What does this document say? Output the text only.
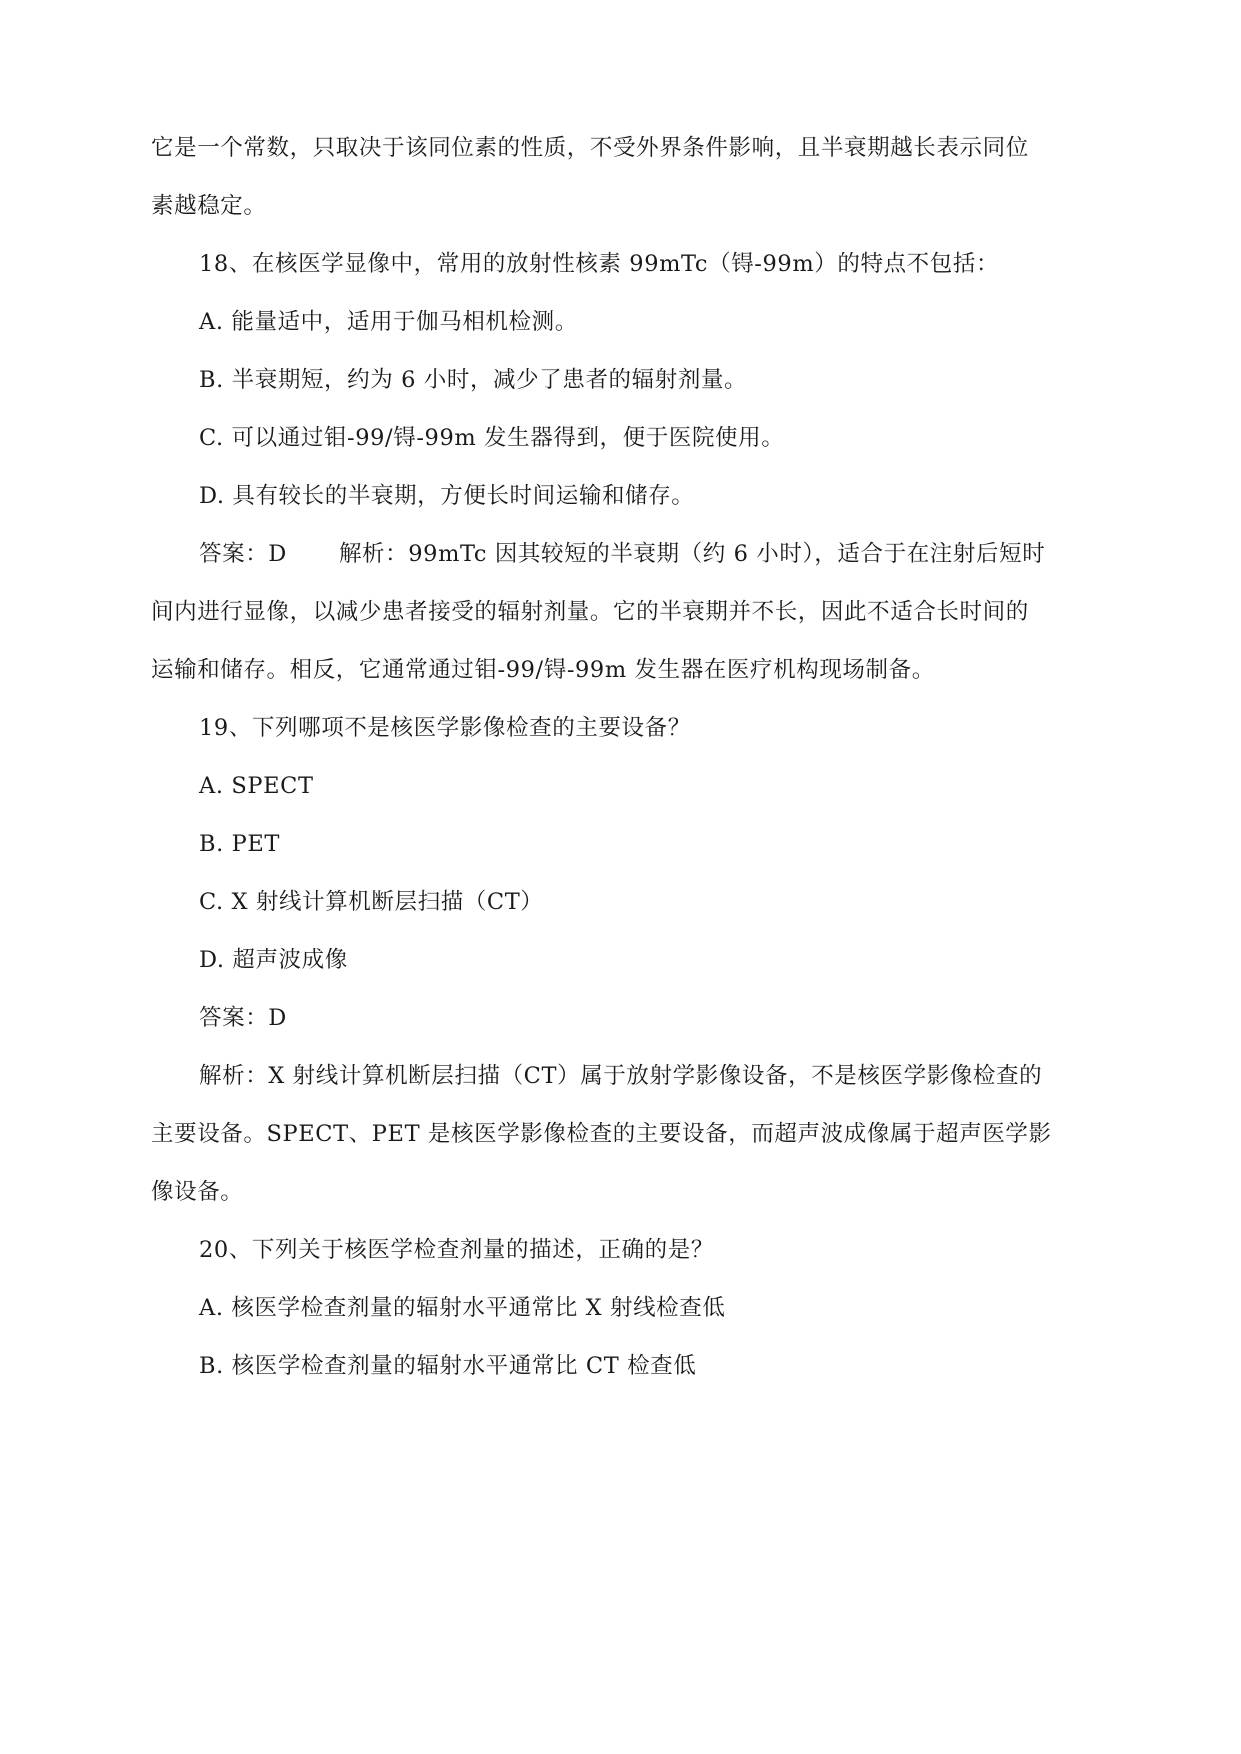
它是一个常数，只取决于该同位素的性质，不受外界条件影响，且半衰期越长表示同位
素越稳定。
18、在核医学显像中，常用的放射性核素 99mTc（锝-99m）的特点不包括：
A. 能量适中，适用于伽马相机检测。
B. 半衰期短，约为 6 小时，减少了患者的辐射剂量。
C. 可以通过钼-99/锝-99m 发生器得到，便于医院使用。
D. 具有较长的半衰期，方便长时间运输和储存。
答案：D 解析：99mTc 因其较短的半衰期（约 6 小时），适合于在注射后短时
间内进行显像，以减少患者接受的辐射剂量。它的半衰期并不长，因此不适合长时间的
运输和储存。相反，它通常通过钼-99/锝-99m 发生器在医疗机构现场制备。
19、下列哪项不是核医学影像检查的主要设备？
A. SPECT
B. PET
C. X 射线计算机断层扫描（CT）
D. 超声波成像
答案：D
解析：X 射线计算机断层扫描（CT）属于放射学影像设备，不是核医学影像检查的
主要设备。SPECT、PET 是核医学影像检查的主要设备，而超声波成像属于超声医学影
像设备。
20、下列关于核医学检查剂量的描述，正确的是？
A. 核医学检查剂量的辐射水平通常比 X 射线检查低
B. 核医学检查剂量的辐射水平通常比 CT 检查低
